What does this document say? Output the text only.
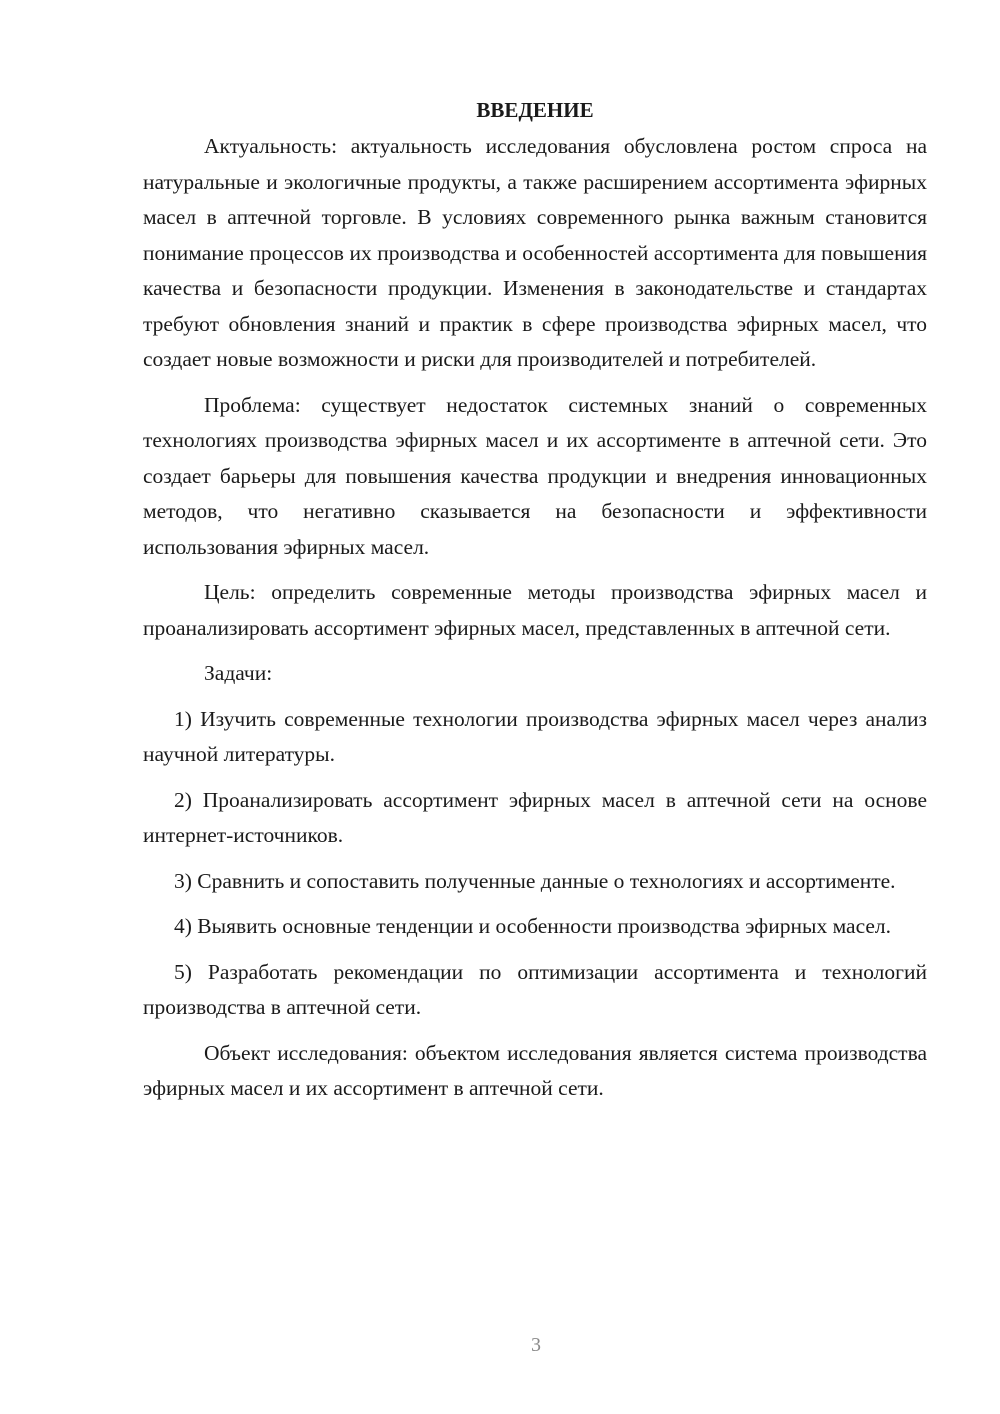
ВВЕДЕНИЕ

Актуальность: актуальность исследования обусловлена ростом спроса на натуральные и экологичные продукты, а также расширением ассортимента эфирных масел в аптечной торговле. В условиях современного рынка важным становится понимание процессов их производства и особенностей ассортимента для повышения качества и безопасности продукции. Изменения в законодательстве и стандартах требуют обновления знаний и практик в сфере производства эфирных масел, что создает новые возможности и риски для производителей и потребителей.

Проблема: существует недостаток системных знаний о современных технологиях производства эфирных масел и их ассортименте в аптечной сети. Это создает барьеры для повышения качества продукции и внедрения инновационных методов, что негативно сказывается на безопасности и эффективности использования эфирных масел.

Цель: определить современные методы производства эфирных масел и проанализировать ассортимент эфирных масел, представленных в аптечной сети.

Задачи:

1) Изучить современные технологии производства эфирных масел через анализ научной литературы.

2) Проанализировать ассортимент эфирных масел в аптечной сети на основе интернет-источников.

3) Сравнить и сопоставить полученные данные о технологиях и ассортименте.

4) Выявить основные тенденции и особенности производства эфирных масел.

5) Разработать рекомендации по оптимизации ассортимента и технологий производства в аптечной сети.

Объект исследования: объектом исследования является система производства эфирных масел и их ассортимент в аптечной сети.

3
